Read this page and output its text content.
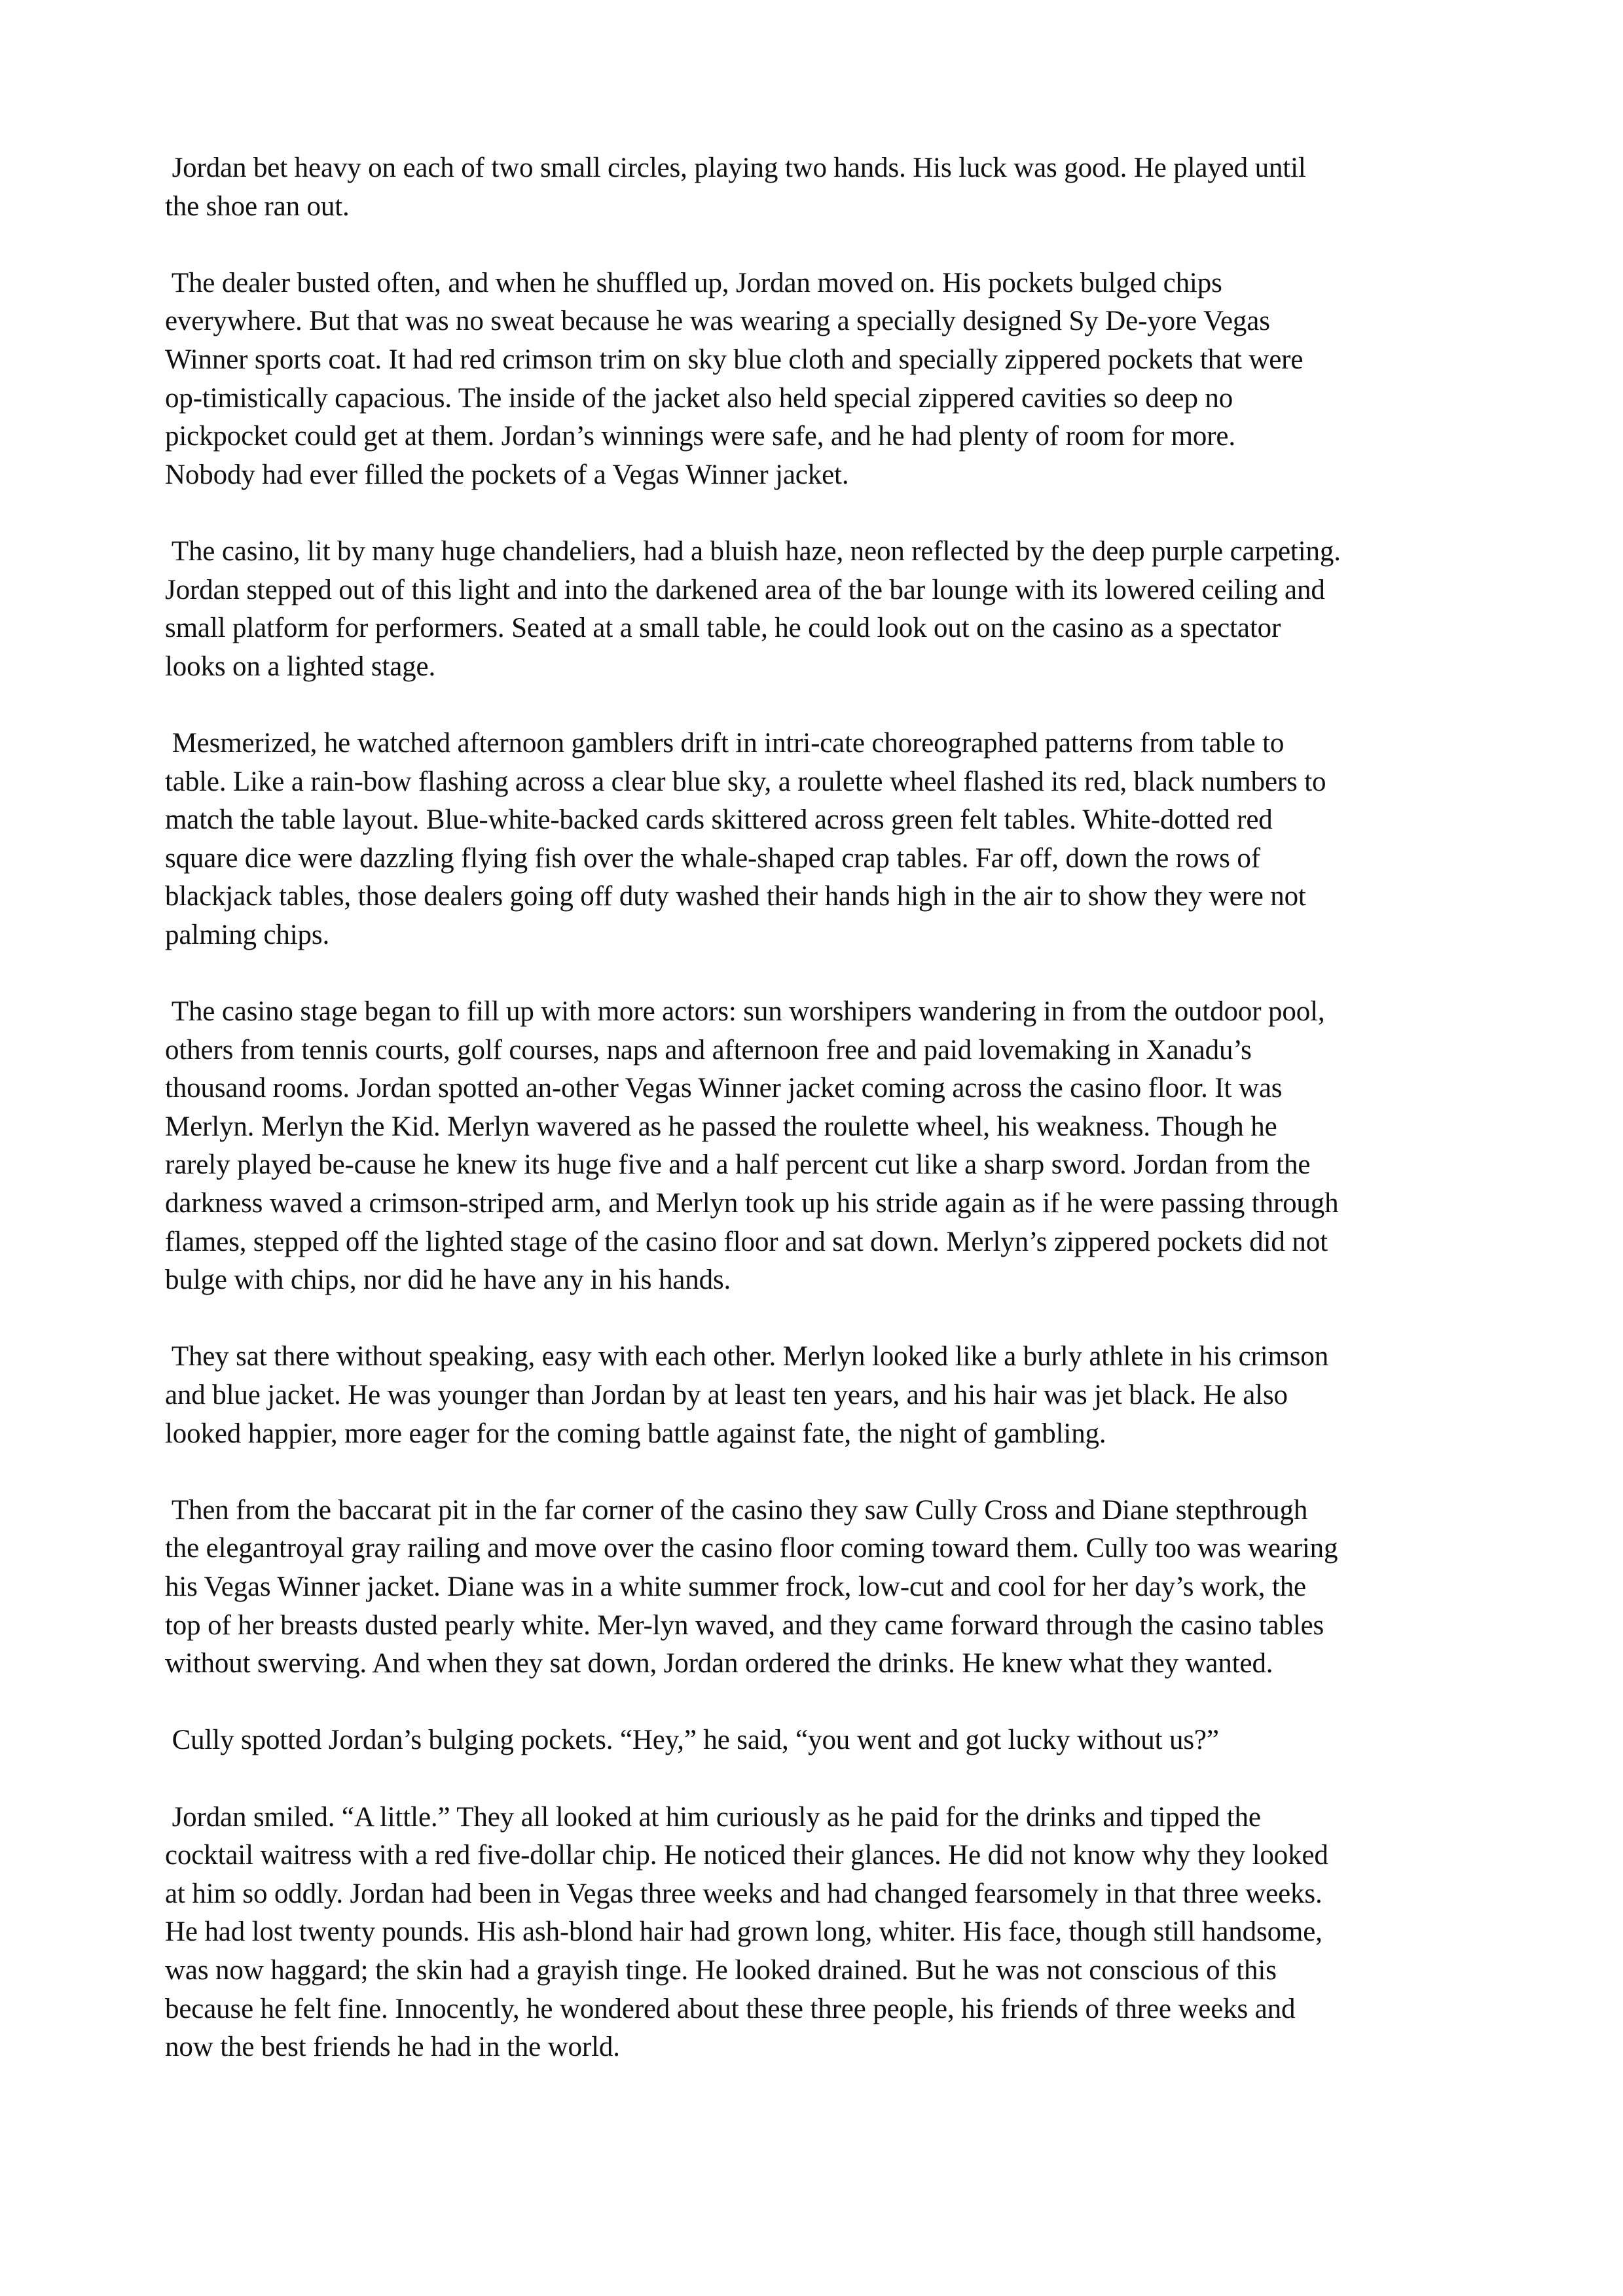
Jordan bet heavy on each of two small circles, playing two hands. His luck was good. He played until
the shoe ran out.
The dealer busted often, and when he shuffled up, Jordan moved on. His pockets bulged chips
everywhere. But that was no sweat because he was wearing a specially designed Sy De-yore Vegas
Winner sports coat. It had red crimson trim on sky blue cloth and specially zippered pockets that were
op-timistically capacious. The inside of the jacket also held special zippered cavities so deep no
pickpocket could get at them. Jordan’s winnings were safe, and he had plenty of room for more.
Nobody had ever filled the pockets of a Vegas Winner jacket.
The casino, lit by many huge chandeliers, had a bluish haze, neon reflected by the deep purple carpeting.
Jordan stepped out of this light and into the darkened area of the bar lounge with its lowered ceiling and
small platform for performers. Seated at a small table, he could look out on the casino as a spectator
looks on a lighted stage.
Mesmerized, he watched afternoon gamblers drift in intri-cate choreographed patterns from table to
table. Like a rain-bow flashing across a clear blue sky, a roulette wheel flashed its red, black numbers to
match the table layout. Blue-white-backed cards skittered across green felt tables. White-dotted red
square dice were dazzling flying fish over the whale-shaped crap tables. Far off, down the rows of
blackjack tables, those dealers going off duty washed their hands high in the air to show they were not
palming chips.
The casino stage began to fill up with more actors: sun worshipers wandering in from the outdoor pool,
others from tennis courts, golf courses, naps and afternoon free and paid lovemaking in Xanadu’s
thousand rooms. Jordan spotted an-other Vegas Winner jacket coming across the casino floor. It was
Merlyn. Merlyn the Kid. Merlyn wavered as he passed the roulette wheel, his weakness. Though he
rarely played be-cause he knew its huge five and a half percent cut like a sharp sword. Jordan from the
darkness waved a crimson-striped arm, and Merlyn took up his stride again as if he were passing through
flames, stepped off the lighted stage of the casino floor and sat down. Merlyn’s zippered pockets did not
bulge with chips, nor did he have any in his hands.
They sat there without speaking, easy with each other. Merlyn looked like a burly athlete in his crimson
and blue jacket. He was younger than Jordan by at least ten years, and his hair was jet black. He also
looked happier, more eager for the coming battle against fate, the night of gambling.
Then from the baccarat pit in the far corner of the casino they saw Cully Cross and Diane stepthrough
the elegantroyal gray railing and move over the casino floor coming toward them. Cully too was wearing
his Vegas Winner jacket. Diane was in a white summer frock, low-cut and cool for her day’s work, the
top of her breasts dusted pearly white. Mer-lyn waved, and they came forward through the casino tables
without swerving. And when they sat down, Jordan ordered the drinks. He knew what they wanted.
Cully spotted Jordan’s bulging pockets. “Hey,” he said, “you went and got lucky without us?”
Jordan smiled. “A little.” They all looked at him curiously as he paid for the drinks and tipped the
cocktail waitress with a red five-dollar chip. He noticed their glances. He did not know why they looked
at him so oddly. Jordan had been in Vegas three weeks and had changed fearsomely in that three weeks.
He had lost twenty pounds. His ash-blond hair had grown long, whiter. His face, though still handsome,
was now haggard; the skin had a grayish tinge. He looked drained. But he was not conscious of this
because he felt fine. Innocently, he wondered about these three people, his friends of three weeks and
now the best friends he had in the world.
